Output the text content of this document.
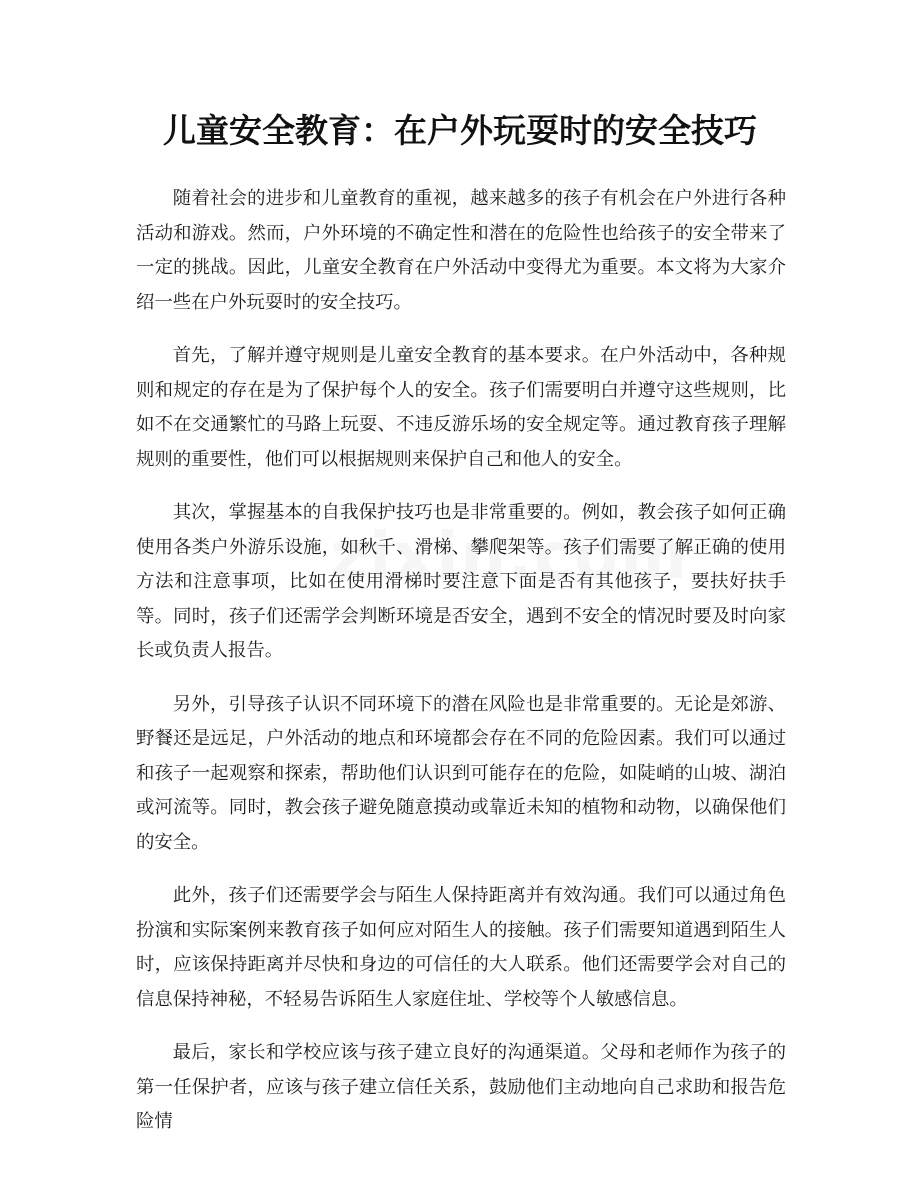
儿童安全教育：在户外玩耍时的安全技巧

随着社会的进步和儿童教育的重视，越来越多的孩子有机会在户外进行各种活动和游戏。然而，户外环境的不确定性和潜在的危险性也给孩子的安全带来了一定的挑战。因此，儿童安全教育在户外活动中变得尤为重要。本文将为大家介绍一些在户外玩耍时的安全技巧。

首先，了解并遵守规则是儿童安全教育的基本要求。在户外活动中，各种规则和规定的存在是为了保护每个人的安全。孩子们需要明白并遵守这些规则，比如不在交通繁忙的马路上玩耍、不违反游乐场的安全规定等。通过教育孩子理解规则的重要性，他们可以根据规则来保护自己和他人的安全。

其次，掌握基本的自我保护技巧也是非常重要的。例如，教会孩子如何正确使用各类户外游乐设施，如秋千、滑梯、攀爬架等。孩子们需要了解正确的使用方法和注意事项，比如在使用滑梯时要注意下面是否有其他孩子，要扶好扶手等。同时，孩子们还需学会判断环境是否安全，遇到不安全的情况时要及时向家长或负责人报告。

另外，引导孩子认识不同环境下的潜在风险也是非常重要的。无论是郊游、野餐还是远足，户外活动的地点和环境都会存在不同的危险因素。我们可以通过和孩子一起观察和探索，帮助他们认识到可能存在的危险，如陡峭的山坡、湖泊或河流等。同时，教会孩子避免随意摸动或靠近未知的植物和动物，以确保他们的安全。

此外，孩子们还需要学会与陌生人保持距离并有效沟通。我们可以通过角色扮演和实际案例来教育孩子如何应对陌生人的接触。孩子们需要知道遇到陌生人时，应该保持距离并尽快和身边的可信任的大人联系。他们还需要学会对自己的信息保持神秘，不轻易告诉陌生人家庭住址、学校等个人敏感信息。

最后，家长和学校应该与孩子建立良好的沟通渠道。父母和老师作为孩子的第一任保护者，应该与孩子建立信任关系，鼓励他们主动地向自己求助和报告危险情
